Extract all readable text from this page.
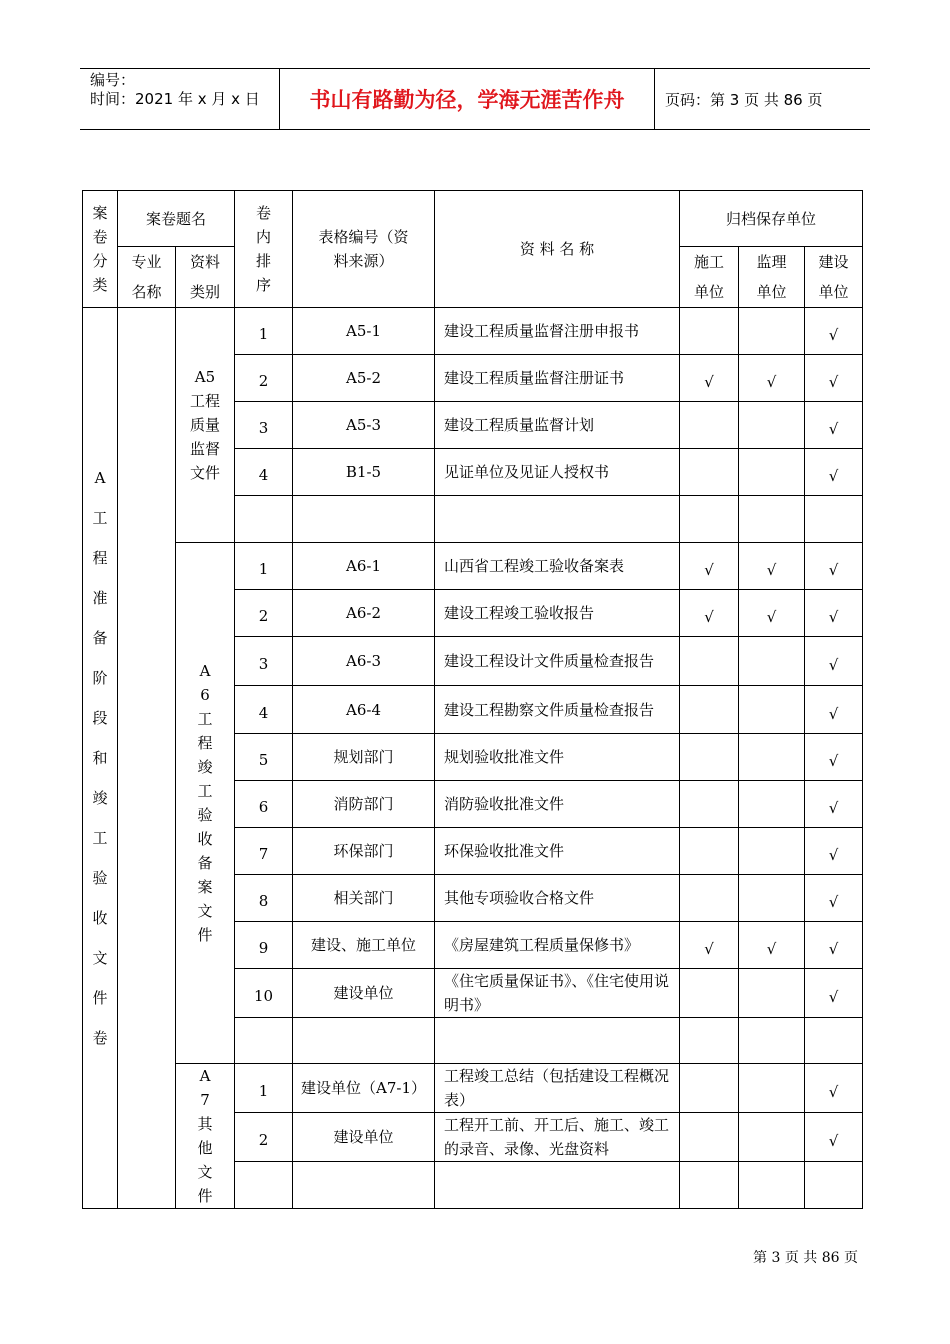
编号：
时间：2021 年 x 月 x 日	书山有路勤为径，学海无涯苦作舟	页码：第 3 页 共 86 页
案卷分类	案卷题名		卷内排序	表格编号（资料来源）	资 料 名 称	归档保存单位		

	专业名称	资料类别				施工单位	监理单位	建设单位

A工程准备阶段和竣工验收文件卷		A5工程质量监督文件	1	A5-1	建设工程质量监督注册申报书			√
			2	A5-2	建设工程质量监督注册证书	√	√	√
			3	A5-3	建设工程质量监督计划			√
			4	B1-5	见证单位及见证人授权书			√

		A6工程竣工验收备案文件	1	A6-1	山西省工程竣工验收备案表	√	√	√
			2	A6-2	建设工程竣工验收报告	√	√	√
			3	A6-3	建设工程设计文件质量检查报告			√
			4	A6-4	建设工程勘察文件质量检查报告			√
			5	规划部门	规划验收批准文件			√
			6	消防部门	消防验收批准文件			√
			7	环保部门	环保验收批准文件			√
			8	相关部门	其他专项验收合格文件			√
			9	建设、施工单位	《房屋建筑工程质量保修书》	√	√	√
			10	建设单位	《住宅质量保证书》、《住宅使用说明书》			√

		A7其他文件	1	建设单位（A7-1）	工程竣工总结（包括建设工程概况表）			√
			2	建设单位	工程开工前、开工后、施工、竣工的录音、录像、光盘资料			√

第 3 页 共 86 页
